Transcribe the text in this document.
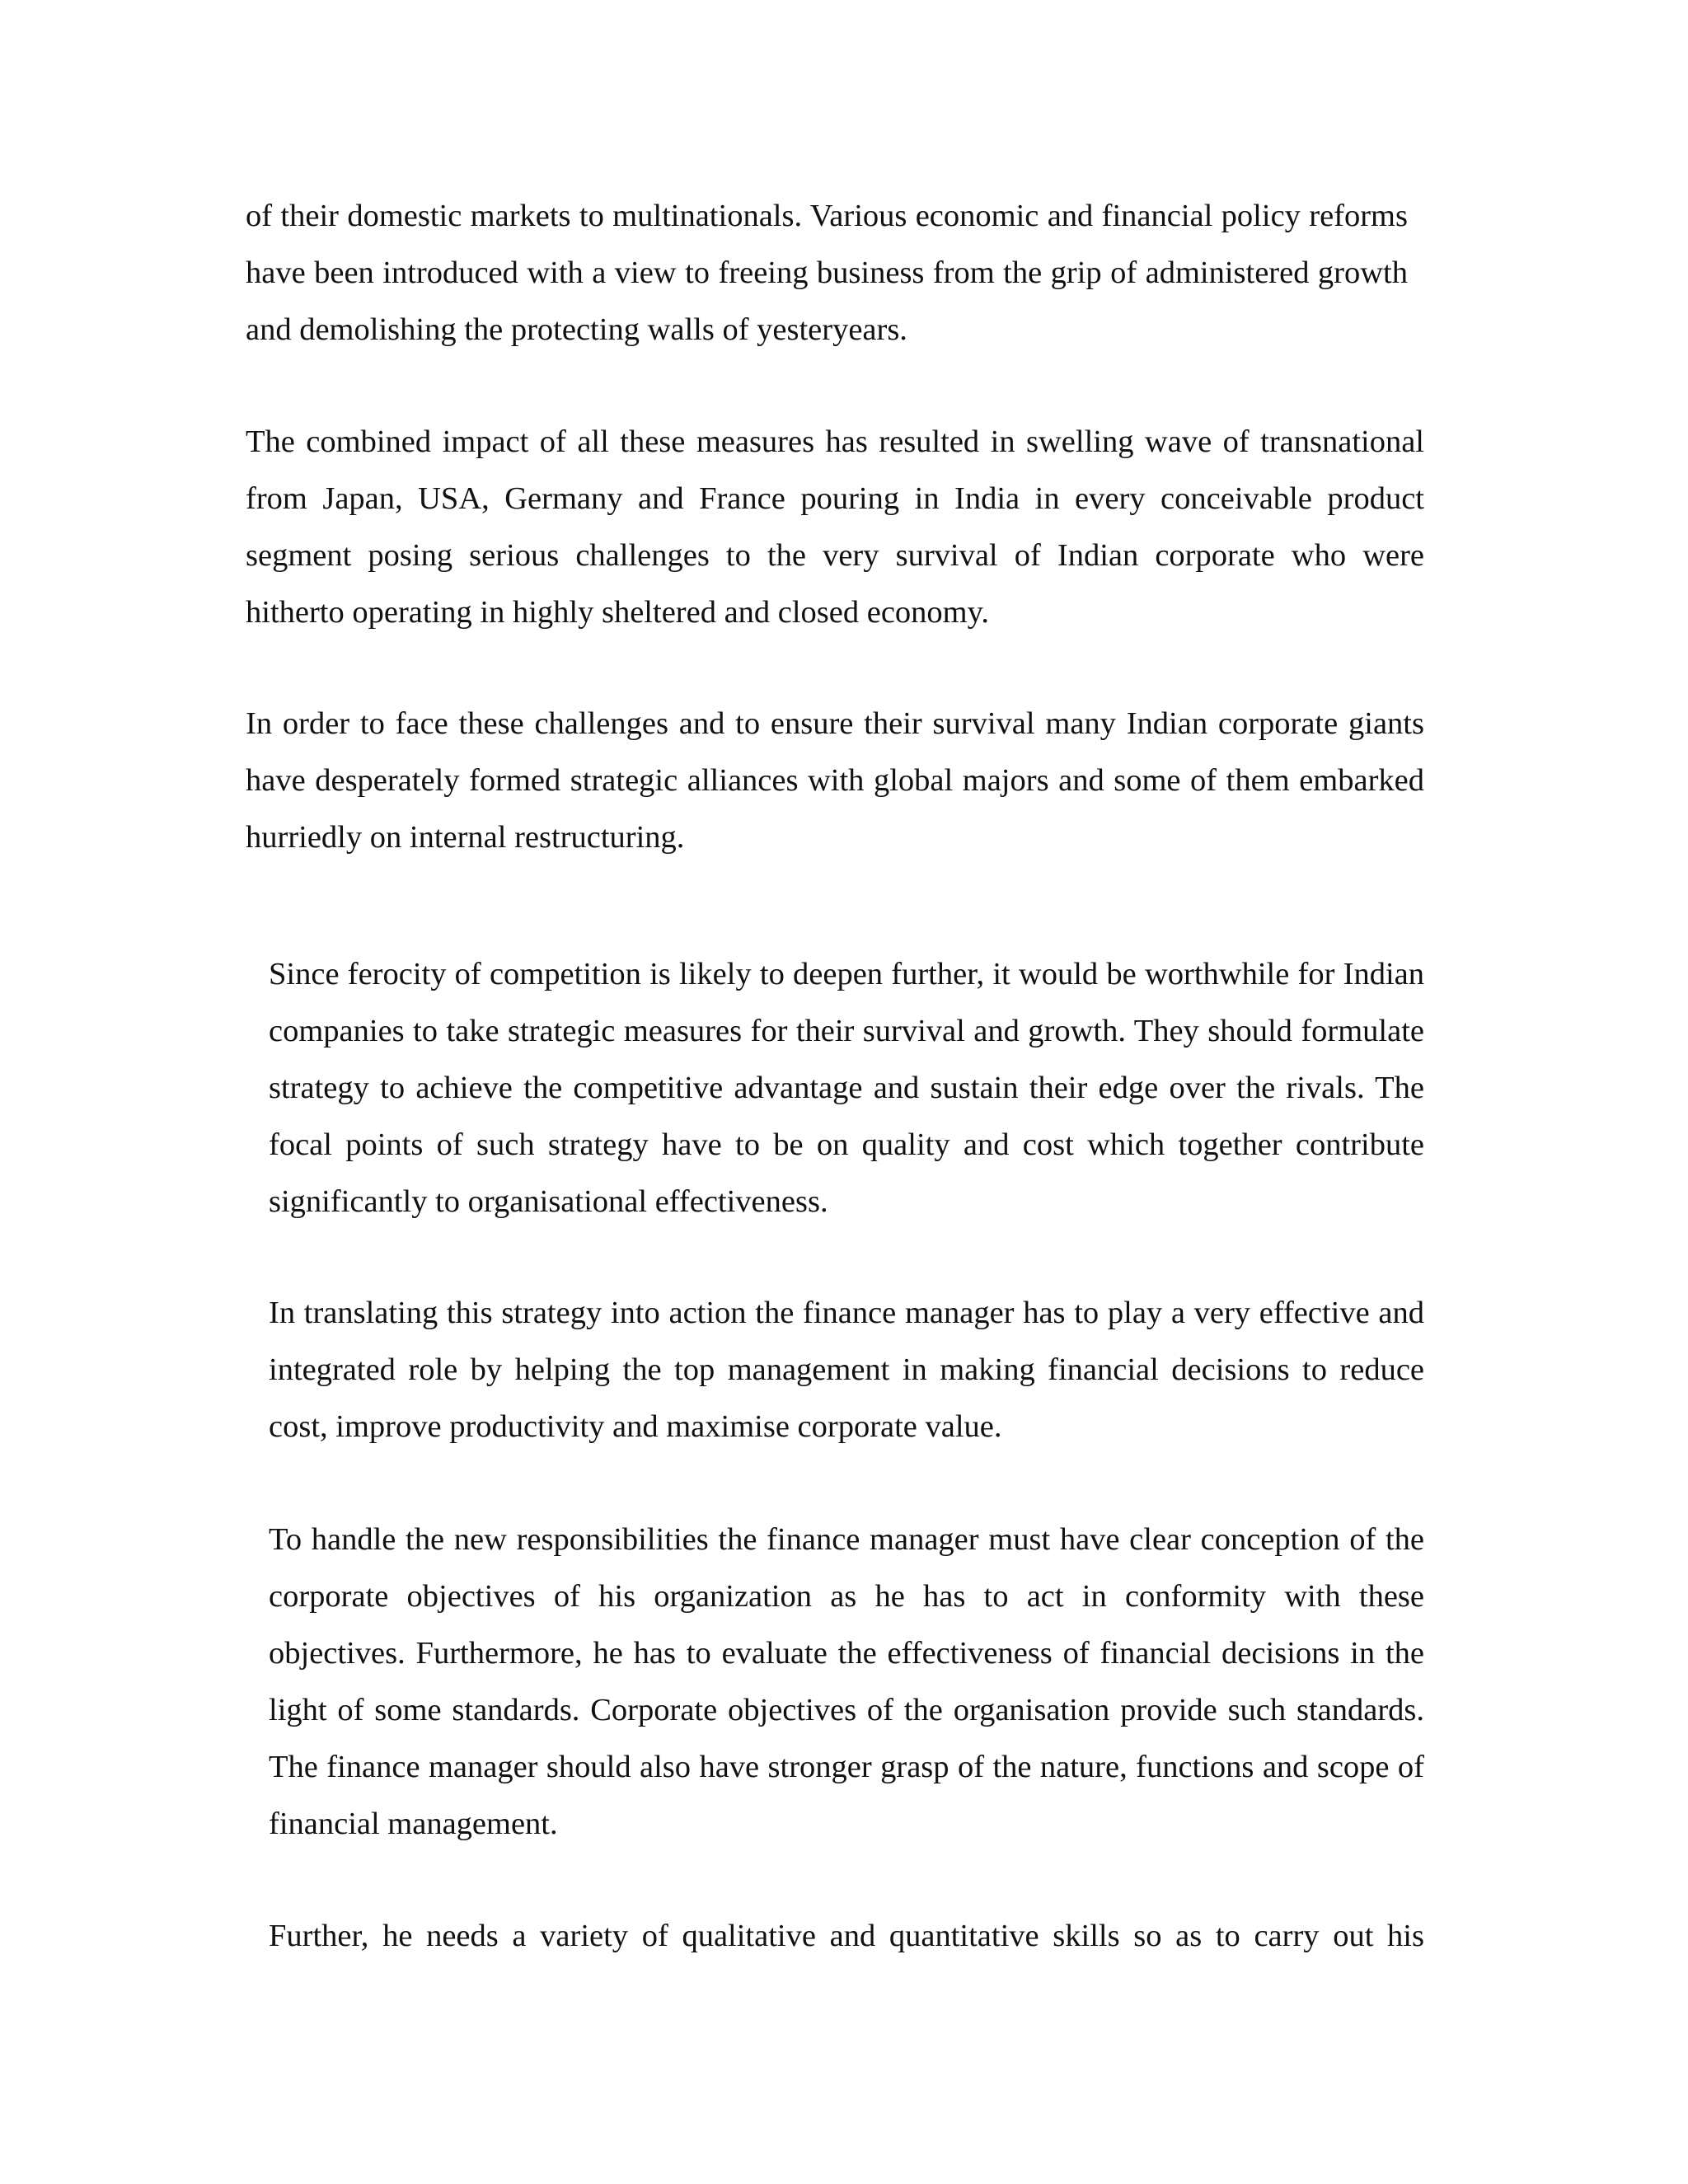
of their domestic markets to multinationals. Various economic and financial policy reforms have been introduced with a view to freeing business from the grip of administered growth and demolishing the protecting walls of yesteryears.

The combined impact of all these measures has resulted in swelling wave of transnational from Japan, USA, Germany and France pouring in India in every conceivable product segment posing serious challenges to the very survival of Indian corporate who were hitherto operating in highly sheltered and closed economy.

In order to face these challenges and to ensure their survival many Indian corporate giants have desperately formed strategic alliances with global majors and some of them embarked hurriedly on internal restructuring.

Since ferocity of competition is likely to deepen further, it would be worthwhile for Indian companies to take strategic measures for their survival and growth. They should formulate strategy to achieve the competitive advantage and sustain their edge over the rivals. The focal points of such strategy have to be on quality and cost which together contribute significantly to organisational effectiveness.

In translating this strategy into action the finance manager has to play a very effective and integrated role by helping the top management in making financial decisions to reduce cost, improve productivity and maximise corporate value.

To handle the new responsibilities the finance manager must have clear conception of the corporate objectives of his organization as he has to act in conformity with these objectives. Furthermore, he has to evaluate the effectiveness of financial decisions in the light of some standards. Corporate objectives of the organisation provide such standards. The finance manager should also have stronger grasp of the nature, functions and scope of financial management.

Further, he needs a variety of qualitative and quantitative skills so as to carry out his
